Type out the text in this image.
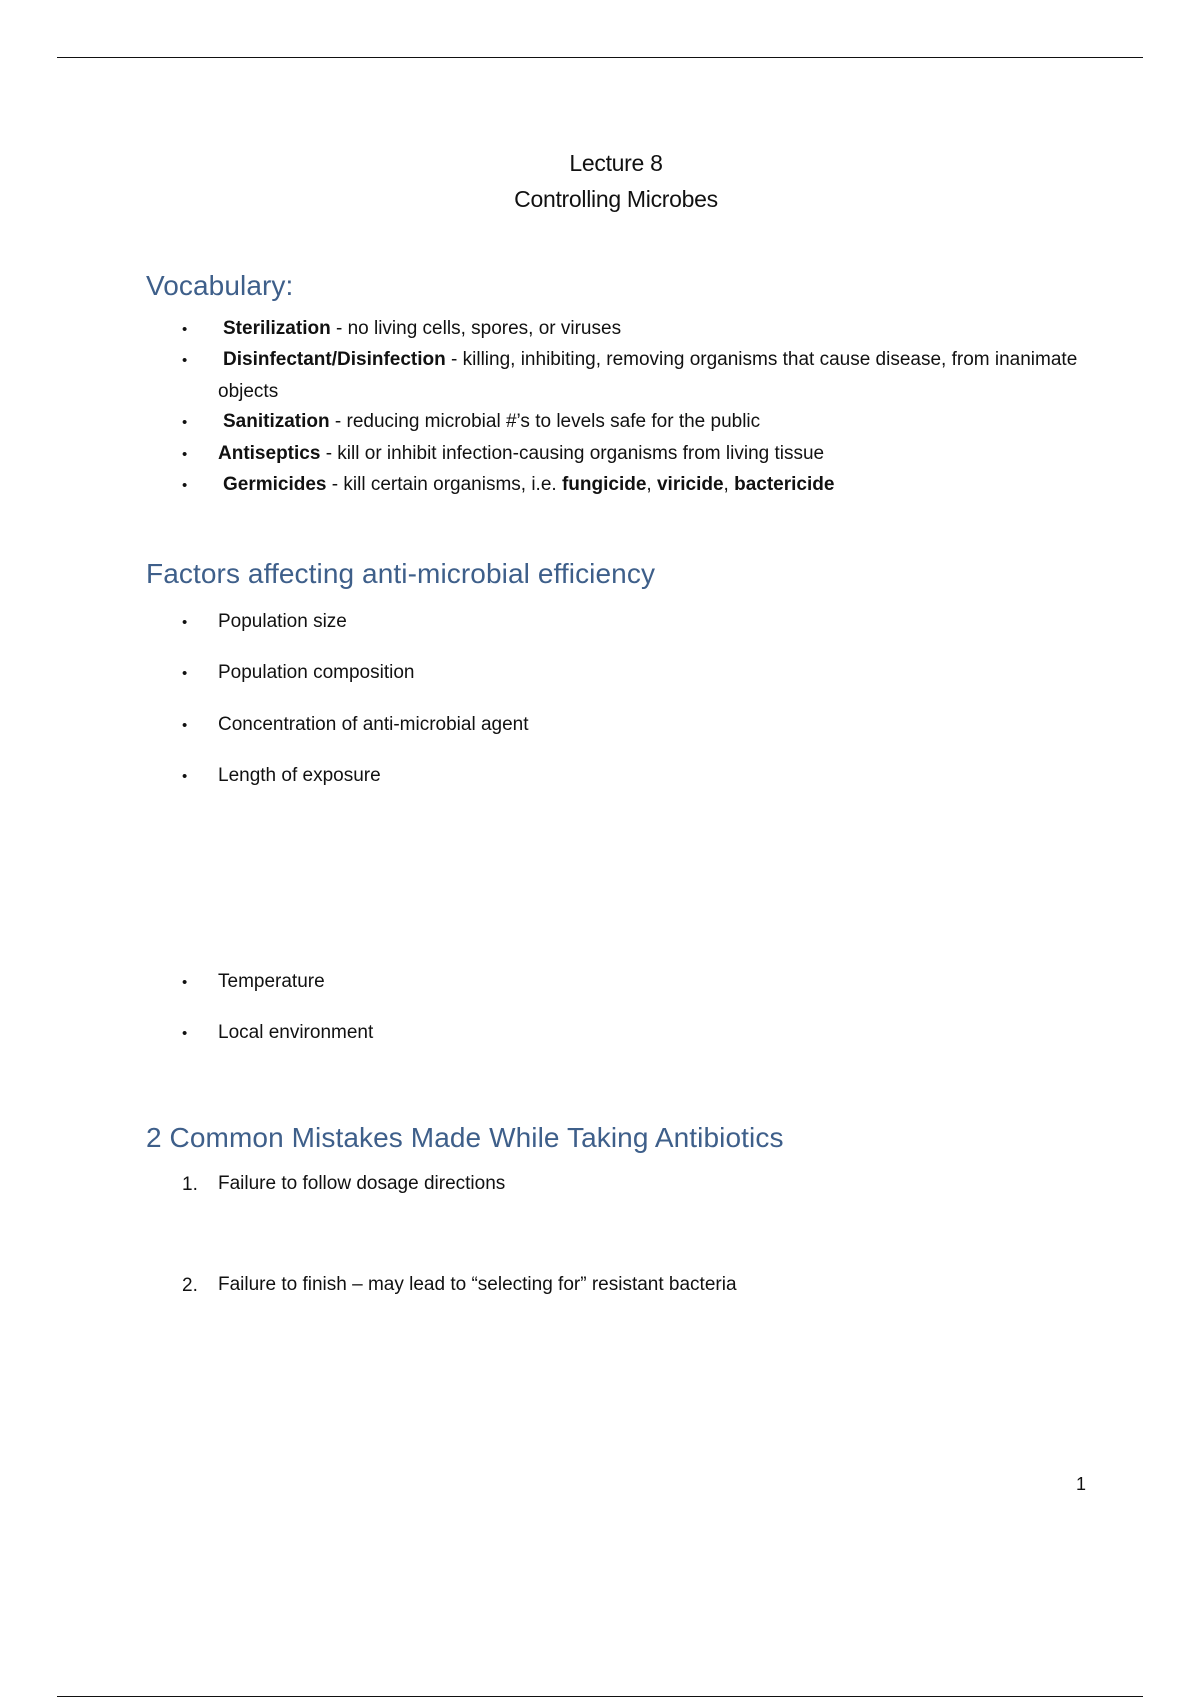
Lecture 8
Controlling Microbes
Vocabulary:
• Sterilization - no living cells, spores, or viruses
• Disinfectant/Disinfection - killing, inhibiting, removing organisms that cause disease, from inanimate objects
• Sanitization - reducing microbial #’s to levels safe for the public
• Antiseptics - kill or inhibit infection-causing organisms from living tissue
• Germicides - kill certain organisms, i.e. fungicide, viricide, bactericide
Factors affecting anti-microbial efficiency
• Population size
• Population composition
• Concentration of anti-microbial agent
• Length of exposure
• Temperature
• Local environment
2 Common Mistakes Made While Taking Antibiotics
1. Failure to follow dosage directions
2. Failure to finish – may lead to “selecting for” resistant bacteria
1
